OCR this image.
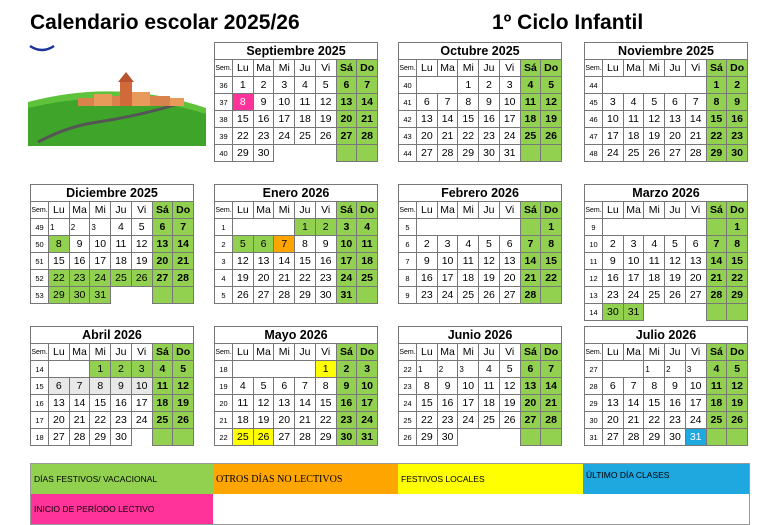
Calendario escolar 2025/26	1º Ciclo Infantil
Septiembre 2025							
Sem.	Lu	Ma	Mi	Ju	Vi	Sá	Do
36	1	2	3	4	5	6	7
37	8	9	10	11	12	13	14
38	15	16	17	18	19	20	21
39	22	23	24	25	26	27	28
40	29	30					
Octubre 2025							
Sem.	Lu	Ma	Mi	Ju	Vi	Sá	Do
40			1	2	3	4	5
41	6	7	8	9	10	11	12
42	13	14	15	16	17	18	19
43	20	21	22	23	24	25	26
44	27	28	29	30	31		
Noviembre 2025							
Sem.	Lu	Ma	Mi	Ju	Vi	Sá	Do
44						1	2
45	3	4	5	6	7	8	9
46	10	11	12	13	14	15	16
47	17	18	19	20	21	22	23
48	24	25	26	27	28	29	30
Diciembre 2025							
Sem.	Lu	Ma	Mi	Ju	Vi	Sá	Do
49	1	2	3	4	5	6	7
50	8	9	10	11	12	13	14
51	15	16	17	18	19	20	21
52	22	23	24	25	26	27	28
53	29	30	31				
Enero 2026							
Sem.	Lu	Ma	Mi	Ju	Vi	Sá	Do
1				1	2	3	4
2	5	6	7	8	9	10	11
3	12	13	14	15	16	17	18
4	19	20	21	22	23	24	25
5	26	27	28	29	30	31	
Febrero 2026							
Sem.	Lu	Ma	Mi	Ju	Vi	Sá	Do
5							1
6	2	3	4	5	6	7	8
7	9	10	11	12	13	14	15
8	16	17	18	19	20	21	22
9	23	24	25	26	27	28	
Marzo 2026							
Sem.	Lu	Ma	Mi	Ju	Vi	Sá	Do
9							1
10	2	3	4	5	6	7	8
11	9	10	11	12	13	14	15
12	16	17	18	19	20	21	22
13	23	24	25	26	27	28	29
14	30	31					
Abril 2026							
Sem.	Lu	Ma	Mi	Ju	Vi	Sá	Do
14			1	2	3	4	5
15	6	7	8	9	10	11	12
16	13	14	15	16	17	18	19
17	20	21	22	23	24	25	26
18	27	28	29	30			
Mayo 2026							
Sem.	Lu	Ma	Mi	Ju	Vi	Sá	Do
18					1	2	3
19	4	5	6	7	8	9	10
20	11	12	13	14	15	16	17
21	18	19	20	21	22	23	24
22	25	26	27	28	29	30	31
Junio 2026							
Sem.	Lu	Ma	Mi	Ju	Vi	Sá	Do
22	1	2	3	4	5	6	7
23	8	9	10	11	12	13	14
24	15	16	17	18	19	20	21
25	22	23	24	25	26	27	28
26	29	30					
Julio 2026							
Sem.	Lu	Ma	Mi	Ju	Vi	Sá	Do
27			1	2	3	4	5
28	6	7	8	9	10	11	12
29	13	14	15	16	17	18	19
30	20	21	22	23	24	25	26
31	27	28	29	30	31		
DÍAS FESTIVOS/ VACACIONAL	OTROS DÍAS NO LECTIVOS	FESTIVOS LOCALES	ÚLTIMO DÍA CLASES
INICIO DE PERÍODO LECTIVO
